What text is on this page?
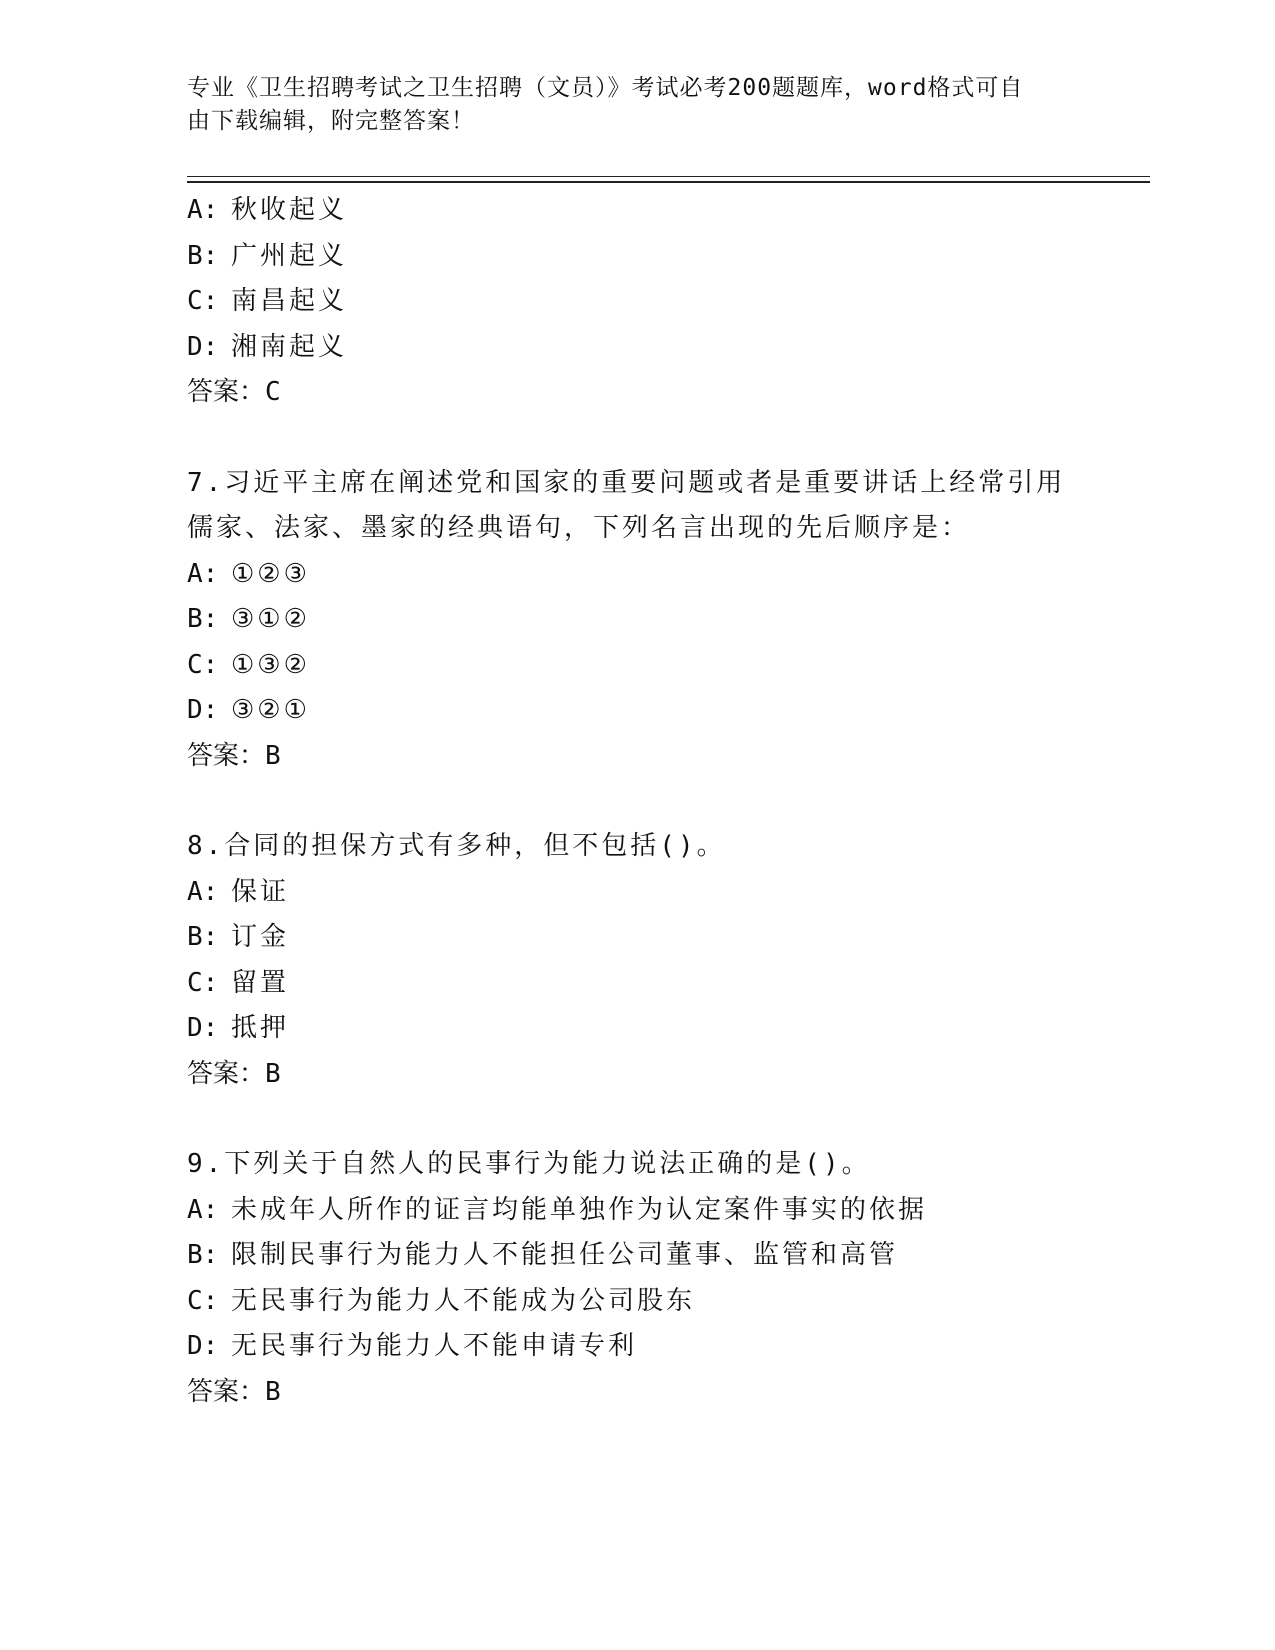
专业《卫生招聘考试之卫生招聘（文员）》考试必考200题题库，word格式可自
由下载编辑，附完整答案！
A: 秋收起义
B: 广州起义
C: 南昌起义
D: 湘南起义
答案：C
7.习近平主席在阐述党和国家的重要问题或者是重要讲话上经常引用
儒家、法家、墨家的经典语句，下列名言出现的先后顺序是：
A: ①②③
B: ③①②
C: ①③②
D: ③②①
答案：B
8.合同的担保方式有多种，但不包括()。
A: 保证
B: 订金
C: 留置
D: 抵押
答案：B
9.下列关于自然人的民事行为能力说法正确的是()。
A: 未成年人所作的证言均能单独作为认定案件事实的依据
B: 限制民事行为能力人不能担任公司董事、监管和高管
C: 无民事行为能力人不能成为公司股东
D: 无民事行为能力人不能申请专利
答案：B
